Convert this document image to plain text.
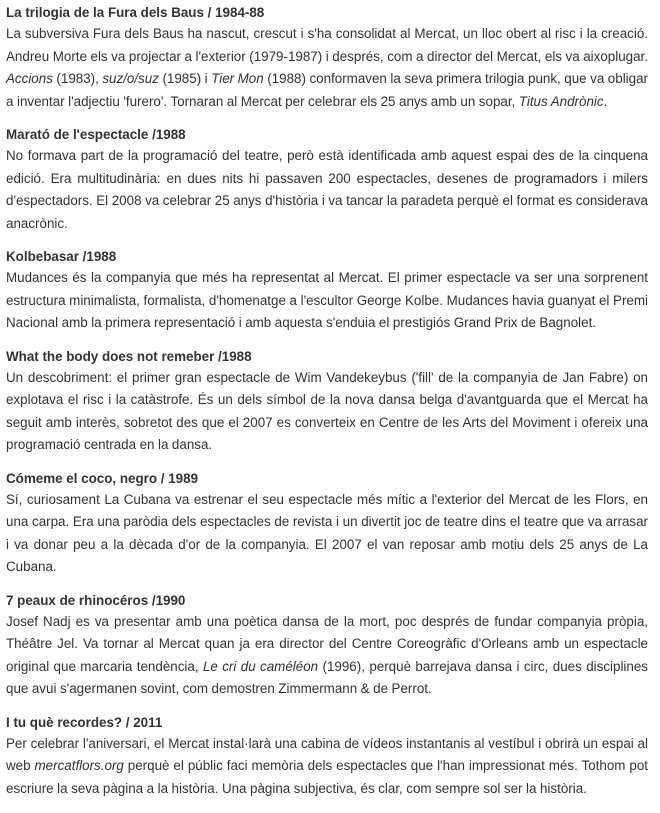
La trilogia de la Fura dels Baus / 1984-88

La subversiva Fura dels Baus ha nascut, crescut i s'ha consolidat al Mercat, un lloc obert al risc i la creació. Andreu Morte els va projectar a l'exterior (1979-1987) i després, com a director del Mercat, els va aixoplugar. Accions (1983), suz/o/suz (1985) i Tier Mon (1988) conformaven la seva primera trilogia punk, que va obligar a inventar l'adjectiu 'furero'. Tornaran al Mercat per celebrar els 25 anys amb un sopar, Titus Andrònic.

Marató de l'espectacle /1988

No formava part de la programació del teatre, però està identificada amb aquest espai des de la cinquena edició. Era multitudinària: en dues nits hi passaven 200 espectacles, desenes de programadors i milers d'espectadors. El 2008 va celebrar 25 anys d'història i va tancar la paradeta perquè el format es considerava anacrònic.

Kolbebasar /1988

Mudances és la companyia que més ha representat al Mercat. El primer espectacle va ser una sorprenent estructura minimalista, formalista, d'homenatge a l'escultor George Kolbe. Mudances havia guanyat el Premi Nacional amb la primera representació i amb aquesta s'enduia el prestigiós Grand Prix de Bagnolet.

What the body does not remeber /1988

Un descobriment: el primer gran espectacle de Wim Vandekeybus ('fill' de la companyia de Jan Fabre) on explotava el risc i la catàstrofe. És un dels símbol de la nova dansa belga d'avantguarda que el Mercat ha seguit amb interès, sobretot des que el 2007 es converteix en Centre de les Arts del Moviment i ofereix una programació centrada en la dansa.

Cómeme el coco, negro / 1989

Sí, curiosament La Cubana va estrenar el seu espectacle més mític a l'exterior del Mercat de les Flors, en una carpa. Era una paròdia dels espectacles de revista i un divertit joc de teatre dins el teatre que va arrasar i va donar peu a la dècada d'or de la companyia. El 2007 el van reposar amb motiu dels 25 anys de La Cubana.

7 peaux de rhinocéros /1990

Josef Nadj es va presentar amb una poètica dansa de la mort, poc després de fundar companyia pròpia, Théâtre Jel. Va tornar al Mercat quan ja era director del Centre Coreogràfic d'Orleans amb un espectacle original que marcaria tendència, Le cri du caméléon (1996), perquè barrejava dansa i circ, dues disciplines que avui s'agermanen sovint, com demostren Zimmermann & de Perrot.

I tu què recordes? / 2011

Per celebrar l'aniversari, el Mercat instal·larà una cabina de vídeos instantanis al vestíbul i obrirà un espai al web mercatflors.org perquè el públic faci memòria dels espectacles que l'han impressionat més. Tothom pot escriure la seva pàgina a la història. Una pàgina subjectiva, és clar, com sempre sol ser la història.
